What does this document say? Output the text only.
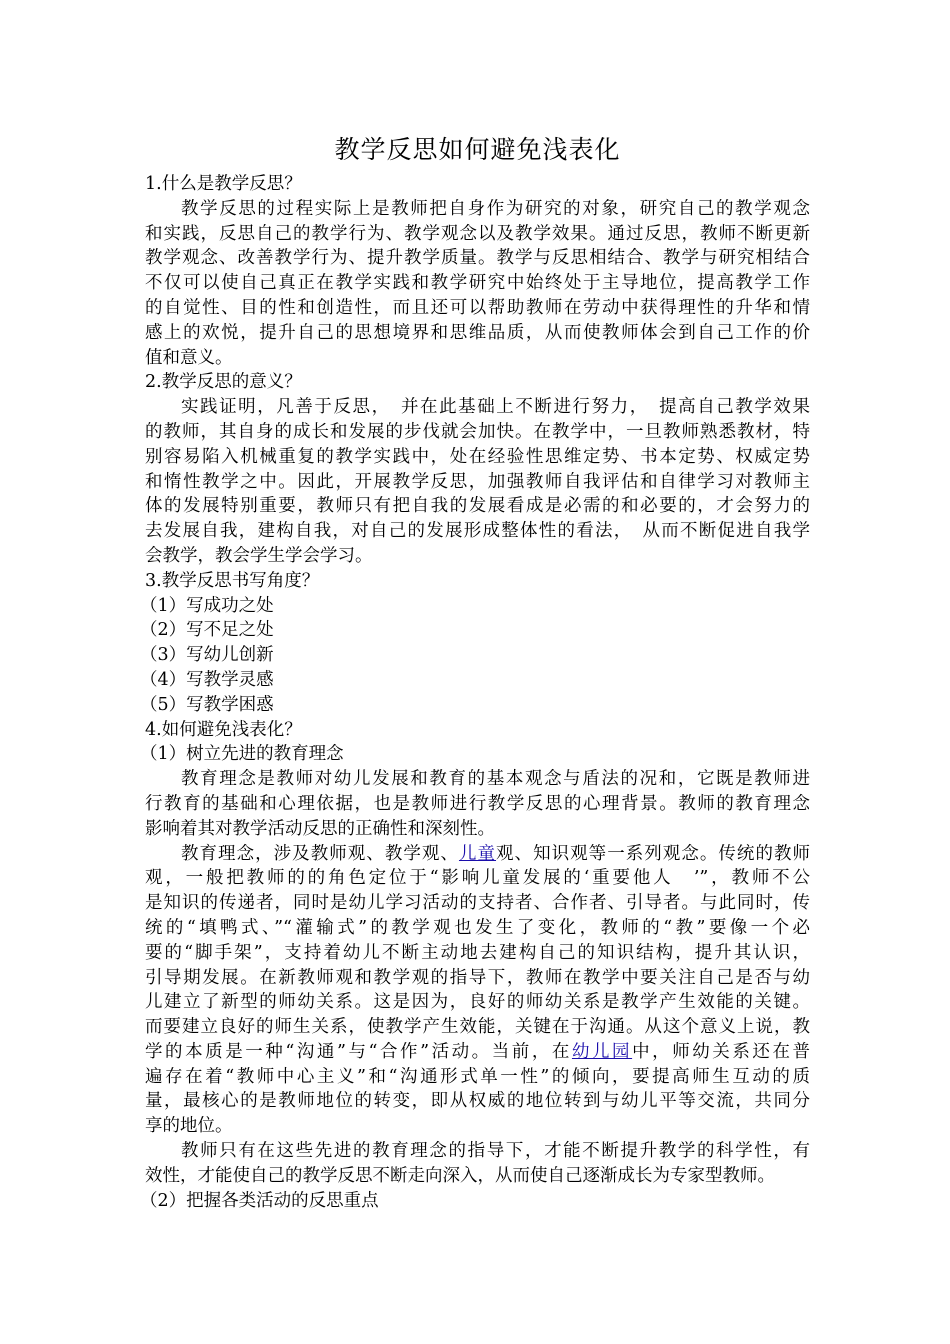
教学反思如何避免浅表化
1.什么是教学反思？
教学反思的过程实际上是教师把自身作为研究的对象，研究自己的教学观念
和实践，反思自己的教学行为、教学观念以及教学效果。通过反思，教师不断更新
教学观念、改善教学行为、提升教学质量。教学与反思相结合、教学与研究相结合
不仅可以使自己真正在教学实践和教学研究中始终处于主导地位，提高教学工作
的自觉性、目的性和创造性，而且还可以帮助教师在劳动中获得理性的升华和情
感上的欢悦，提升自己的思想境界和思维品质，从而使教师体会到自己工作的价
值和意义。
2.教学反思的意义？
实践证明，凡善于反思，　并在此基础上不断进行努力，　提高自己教学效果
的教师，其自身的成长和发展的步伐就会加快。在教学中，一旦教师熟悉教材，特
别容易陷入机械重复的教学实践中，处在经验性思维定势、书本定势、权威定势
和惰性教学之中。因此，开展教学反思，加强教师自我评估和自律学习对教师主
体的发展特别重要，教师只有把自我的发展看成是必需的和必要的，才会努力的
去发展自我，建构自我，对自己的发展形成整体性的看法，　从而不断促进自我学
会教学，教会学生学会学习。
3.教学反思书写角度？
（1）写成功之处
（2）写不足之处
（3）写幼儿创新
（4）写教学灵感
（5）写教学困惑
4.如何避免浅表化？
（1）树立先进的教育理念
教育理念是教师对幼儿发展和教育的基本观念与盾法的况和，它既是教师进
行教育的基础和心理依据，也是教师进行教学反思的心理背景。教师的教育理念
影响着其对教学活动反思的正确性和深刻性。
教育理念，涉及教师观、教学观、儿童观、知识观等一系列观念。传统的教师
观，一般把教师的的角色定位于“影响儿童发展的‘重要他人　’”，教师不公
是知识的传递者，同时是幼儿学习活动的支持者、合作者、引导者。与此同时，传
统的“填鸭式、”“灌输式”的教学观也发生了变化，教师的“教”要像一个必
要的“脚手架”，支持着幼儿不断主动地去建构自己的知识结构，提升其认识，
引导期发展。在新教师观和教学观的指导下，教师在教学中要关注自己是否与幼
儿建立了新型的师幼关系。这是因为，良好的师幼关系是教学产生效能的关键。
而要建立良好的师生关系，使教学产生效能，关键在于沟通。从这个意义上说，教
学的本质是一种“沟通”与“合作”活动。当前，在幼儿园中，师幼关系还在普
遍存在着“教师中心主义”和“沟通形式单一性”的倾向，要提高师生互动的质
量，最核心的是教师地位的转变，即从权威的地位转到与幼儿平等交流，共同分
享的地位。
教师只有在这些先进的教育理念的指导下，才能不断提升教学的科学性，有
效性，才能使自己的教学反思不断走向深入，从而使自己逐渐成长为专家型教师。
（2）把握各类活动的反思重点
